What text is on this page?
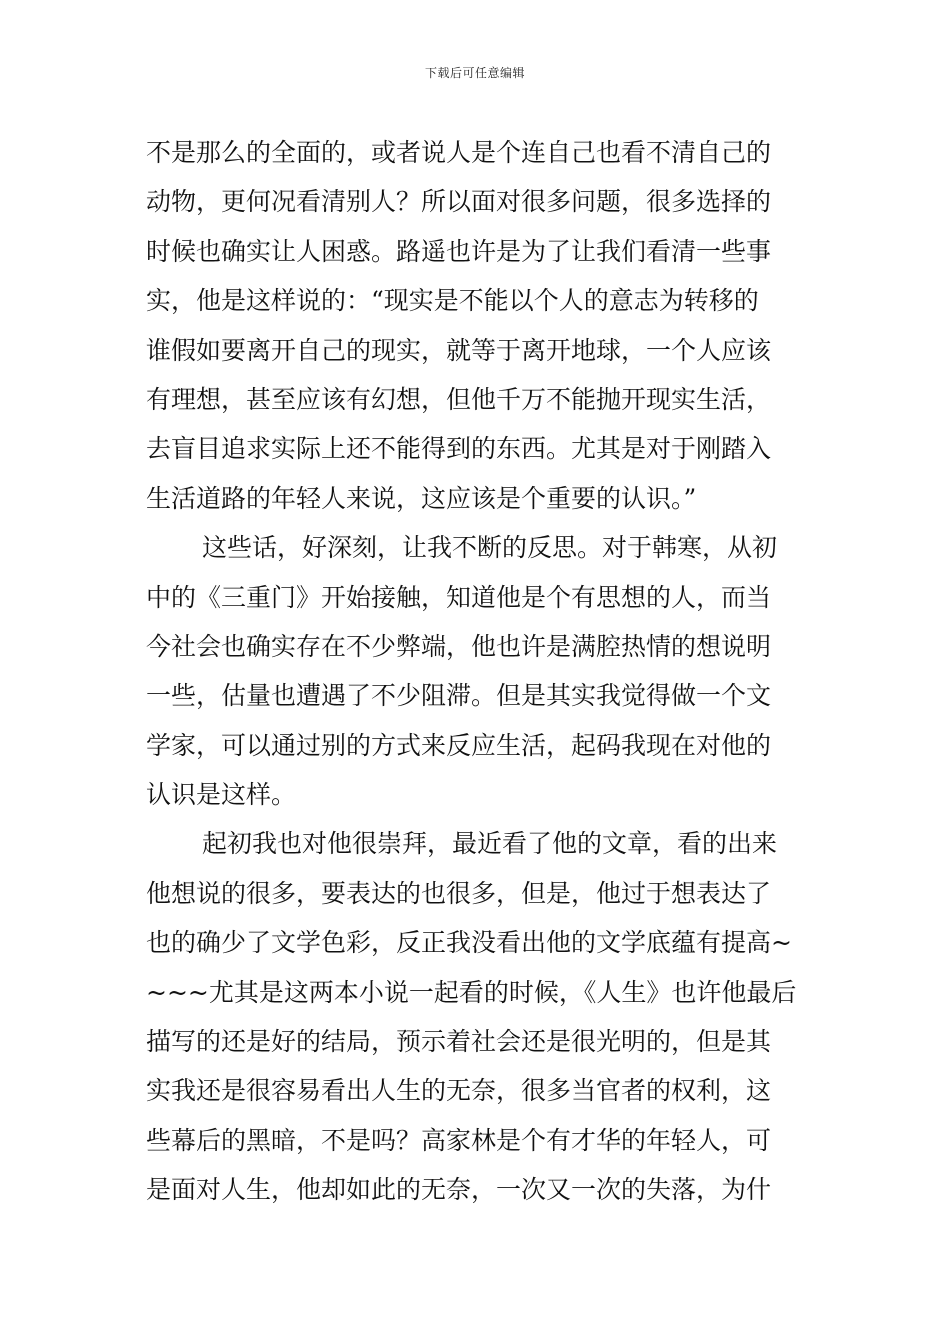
下载后可任意编辑
不是那么的全面的，或者说人是个连自己也看不清自己的
动物，更何况看清别人？所以面对很多问题，很多选择的
时候也确实让人困惑。路遥也许是为了让我们看清一些事
实，他是这样说的：“现实是不能以个人的意志为转移的
谁假如要离开自己的现实，就等于离开地球，一个人应该
有理想，甚至应该有幻想，但他千万不能抛开现实生活，
去盲目追求实际上还不能得到的东西。尤其是对于刚踏入
生活道路的年轻人来说，这应该是个重要的认识。”
这些话，好深刻，让我不断的反思。对于韩寒，从初
中的《三重门》开始接触，知道他是个有思想的人，而当
今社会也确实存在不少弊端，他也许是满腔热情的想说明
一些，估量也遭遇了不少阻滞。但是其实我觉得做一个文
学家，可以通过别的方式来反应生活，起码我现在对他的
认识是这样。
起初我也对他很崇拜，最近看了他的文章，看的出来
他想说的很多，要表达的也很多，但是，他过于想表达了
也的确少了文学色彩，反正我没看出他的文学底蕴有提高~
~~~尤其是这两本小说一起看的时候，《人生》也许他最后
描写的还是好的结局，预示着社会还是很光明的，但是其
实我还是很容易看出人生的无奈，很多当官者的权利，这
些幕后的黑暗，不是吗？高家林是个有才华的年轻人，可
是面对人生，他却如此的无奈，一次又一次的失落，为什
